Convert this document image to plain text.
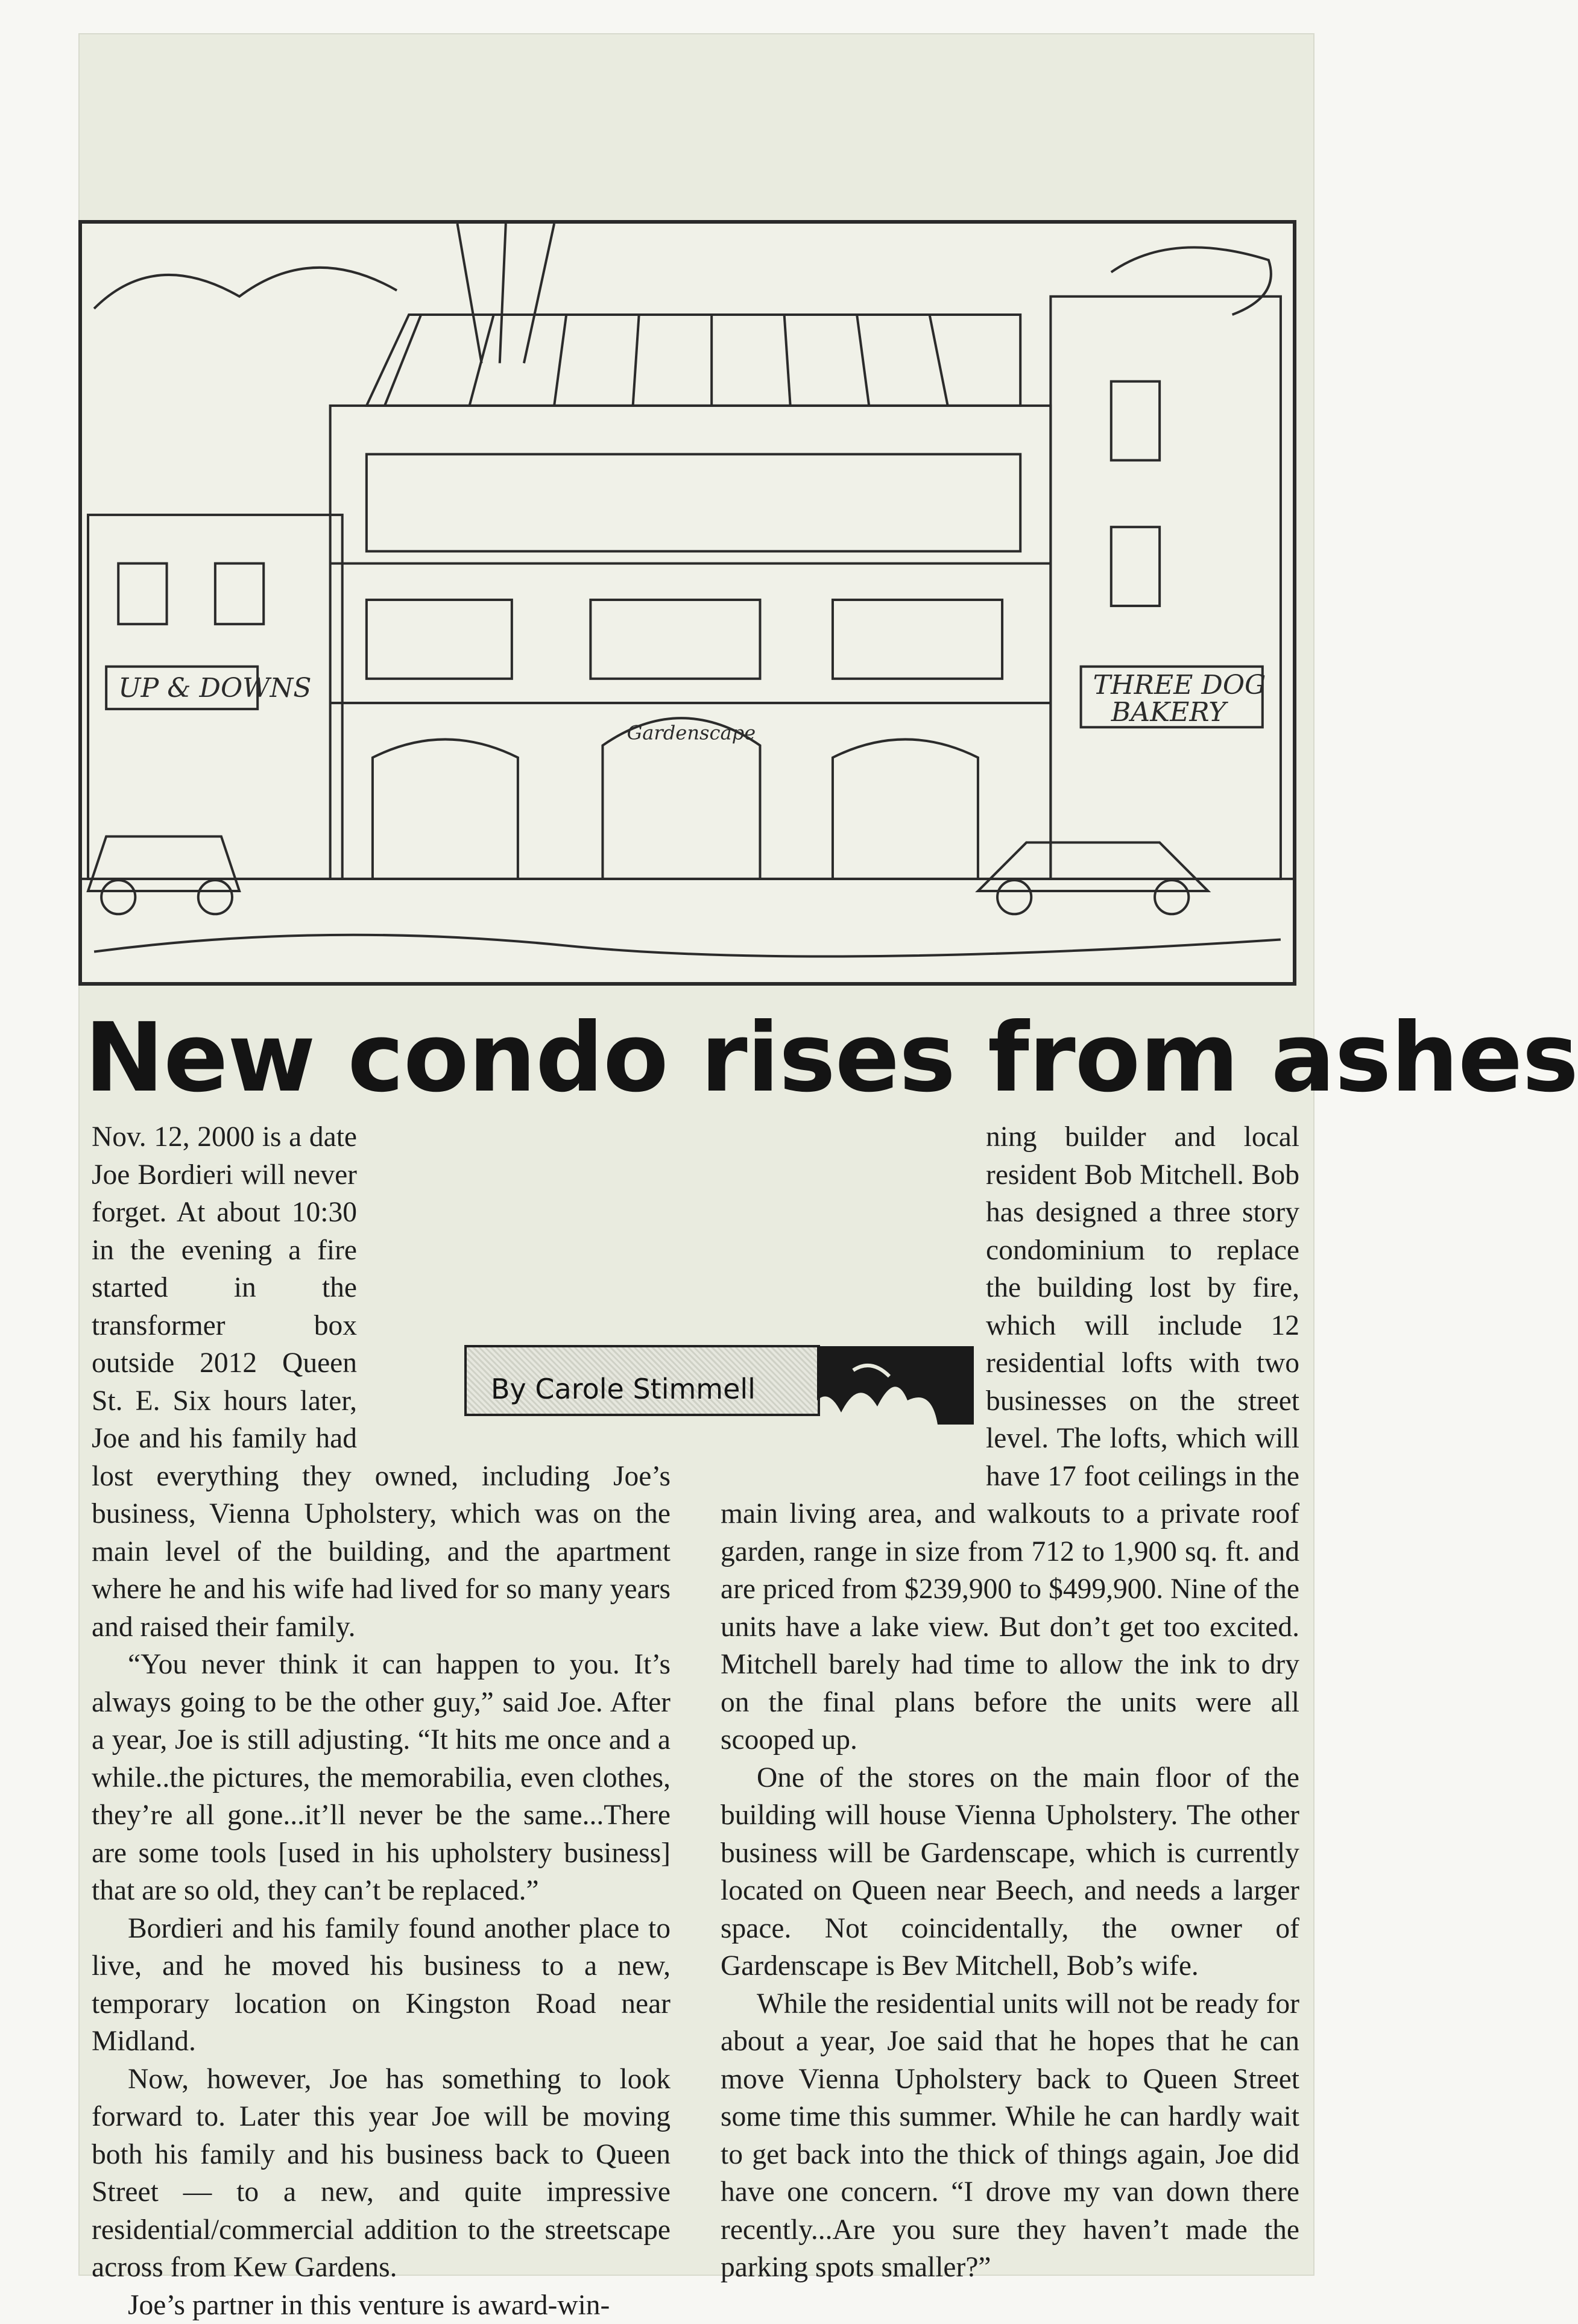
UP & DOWNS	THREE DOG
BAKERY
Gardenscape
New condo rises from ashes

Nov. 12, 2000 is a date Joe Bordieri will never forget. At about 10:30 in the evening a fire started in the transformer box outside 2012 Queen St. E. Six hours later, Joe and his family had lost everything they owned, including Joe’s business, Vienna Upholstery, which was on the main level of the building, and the apartment where he and his wife had lived for so many years and raised their family.

“You never think it can happen to you. It’s always going to be the other guy,” said Joe. After a year, Joe is still adjusting. “It hits me once and a while..the pictures, the memorabilia, even clothes, they’re all gone...it’ll never be the same...There are some tools [used in his upholstery business] that are so old, they can’t be replaced.”

Bordieri and his family found another place to live, and he moved his business to a new, temporary location on Kingston Road near Midland.

Now, however, Joe has something to look forward to. Later this year Joe will be moving both his family and his business back to Queen Street — to a new, and quite impressive residential/commercial addition to the streetscape across from Kew Gardens.

Joe’s partner in this venture is award-win-

ning builder and local resident Bob Mitchell. Bob has designed a three story condominium to replace the building lost by fire, which will include 12 residential lofts with two businesses on the street level. The lofts, which will have 17 foot ceilings in the main living area, and walkouts to a private roof garden, range in size from 712 to 1,900 sq. ft. and are priced from $239,900 to $499,900. Nine of the units have a lake view. But don’t get too excited. Mitchell barely had time to allow the ink to dry on the final plans before the units were all scooped up.

One of the stores on the main floor of the building will house Vienna Upholstery. The other business will be Gardenscape, which is currently located on Queen near Beech, and needs a larger space. Not coincidentally, the owner of Gardenscape is Bev Mitchell, Bob’s wife.

While the residential units will not be ready for about a year, Joe said that he hopes that he can move Vienna Upholstery back to Queen Street some time this summer. While he can hardly wait to get back into the thick of things again, Joe did have one concern. “I drove my van down there recently...Are you sure they haven’t made the parking spots smaller?”

By Carole Stimmell
